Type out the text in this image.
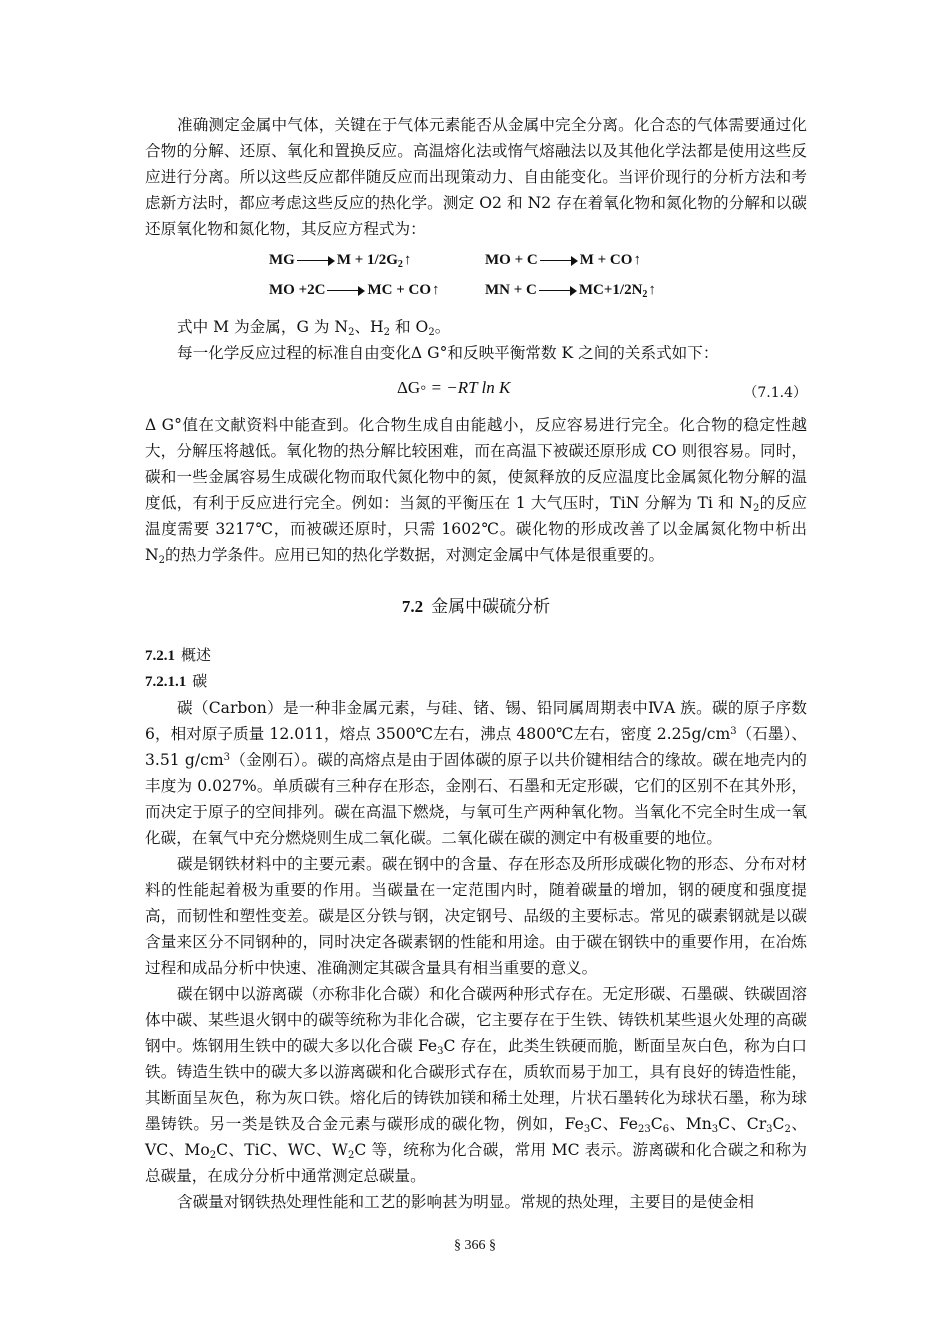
准确测定金属中气体，关键在于气体元素能否从金属中完全分离。化合态的气体需要通过化合物的分解、还原、氧化和置换反应。高温熔化法或惰气熔融法以及其他化学法都是使用这些反应进行分离。所以这些反应都伴随反应而出现策动力、自由能变化。当评价现行的分析方法和考虑新方法时，都应考虑这些反应的热化学。测定 O2 和 N2 存在着氧化物和氮化物的分解和以碳还原氧化物和氮化物，其反应方程式为：

MG	$M + 1/2G_2↑$	MO + C	M + CO↑
MO +2C	MC + CO↑	MN + C	$MC+1/2N_2↑$

式中 M 为金属，G 为 $N_2$、$H_2$ 和 $O_2$。

每一化学反应过程的标准自由变化Δ G°和反映平衡常数 K 之间的关系式如下：

ΔG◦ = −RT ln K	（7.1.4）

Δ G°值在文献资料中能查到。化合物生成自由能越小，反应容易进行完全。化合物的稳定性越大，分解压将越低。氧化物的热分解比较困难，而在高温下被碳还原形成 CO 则很容易。同时，碳和一些金属容易生成碳化物而取代氮化物中的氮，使氮释放的反应温度比金属氮化物分解的温度低，有利于反应进行完全。例如：当氮的平衡压在 1 大气压时，TiN 分解为 Ti 和 $N_2$的反应温度需要 3217℃，而被碳还原时，只需 1602℃。碳化物的形成改善了以金属氮化物中析出 $N_2$的热力学条件。应用已知的热化学数据，对测定金属中气体是很重要的。

7.2 金属中碳硫分析
7.2.1 概述
7.2.1.1 碳

碳（Carbon）是一种非金属元素，与硅、锗、锡、铅同属周期表中ⅣA 族。碳的原子序数 6，相对原子质量 12.011，熔点 3500℃左右，沸点 4800℃左右，密度 $2.25g/cm^3$（石墨）、3.51 $g/cm^3$（金刚石）。碳的高熔点是由于固体碳的原子以共价键相结合的缘故。碳在地壳内的丰度为 0.027%。单质碳有三种存在形态，金刚石、石墨和无定形碳，它们的区别不在其外形，而决定于原子的空间排列。碳在高温下燃烧，与氧可生产两种氧化物。当氧化不完全时生成一氧化碳，在氧气中充分燃烧则生成二氧化碳。二氧化碳在碳的测定中有极重要的地位。

碳是钢铁材料中的主要元素。碳在钢中的含量、存在形态及所形成碳化物的形态、分布对材料的性能起着极为重要的作用。当碳量在一定范围内时，随着碳量的增加，钢的硬度和强度提高，而韧性和塑性变差。碳是区分铁与钢，决定钢号、品级的主要标志。常见的碳素钢就是以碳含量来区分不同钢种的，同时决定各碳素钢的性能和用途。由于碳在钢铁中的重要作用，在冶炼过程和成品分析中快速、准确测定其碳含量具有相当重要的意义。

碳在钢中以游离碳（亦称非化合碳）和化合碳两种形式存在。无定形碳、石墨碳、铁碳固溶体中碳、某些退火钢中的碳等统称为非化合碳，它主要存在于生铁、铸铁机某些退火处理的高碳钢中。炼钢用生铁中的碳大多以化合碳 $Fe_3C$ 存在，此类生铁硬而脆，断面呈灰白色，称为白口铁。铸造生铁中的碳大多以游离碳和化合碳形式存在，质软而易于加工，具有良好的铸造性能，其断面呈灰色，称为灰口铁。熔化后的铸铁加镁和稀土处理，片状石墨转化为球状石墨，称为球墨铸铁。另一类是铁及合金元素与碳形成的碳化物，例如，$Fe_3C$、$Fe_{23}C_6$、$Mn_3C$、$Cr_3C_2$、VC、$Mo_2C$、TiC、WC、$W_2C$ 等，统称为化合碳，常用 MC 表示。游离碳和化合碳之和称为总碳量，在成分分析中通常测定总碳量。

含碳量对钢铁热处理性能和工艺的影响甚为明显。常规的热处理，主要目的是使金相

§ 366 §
